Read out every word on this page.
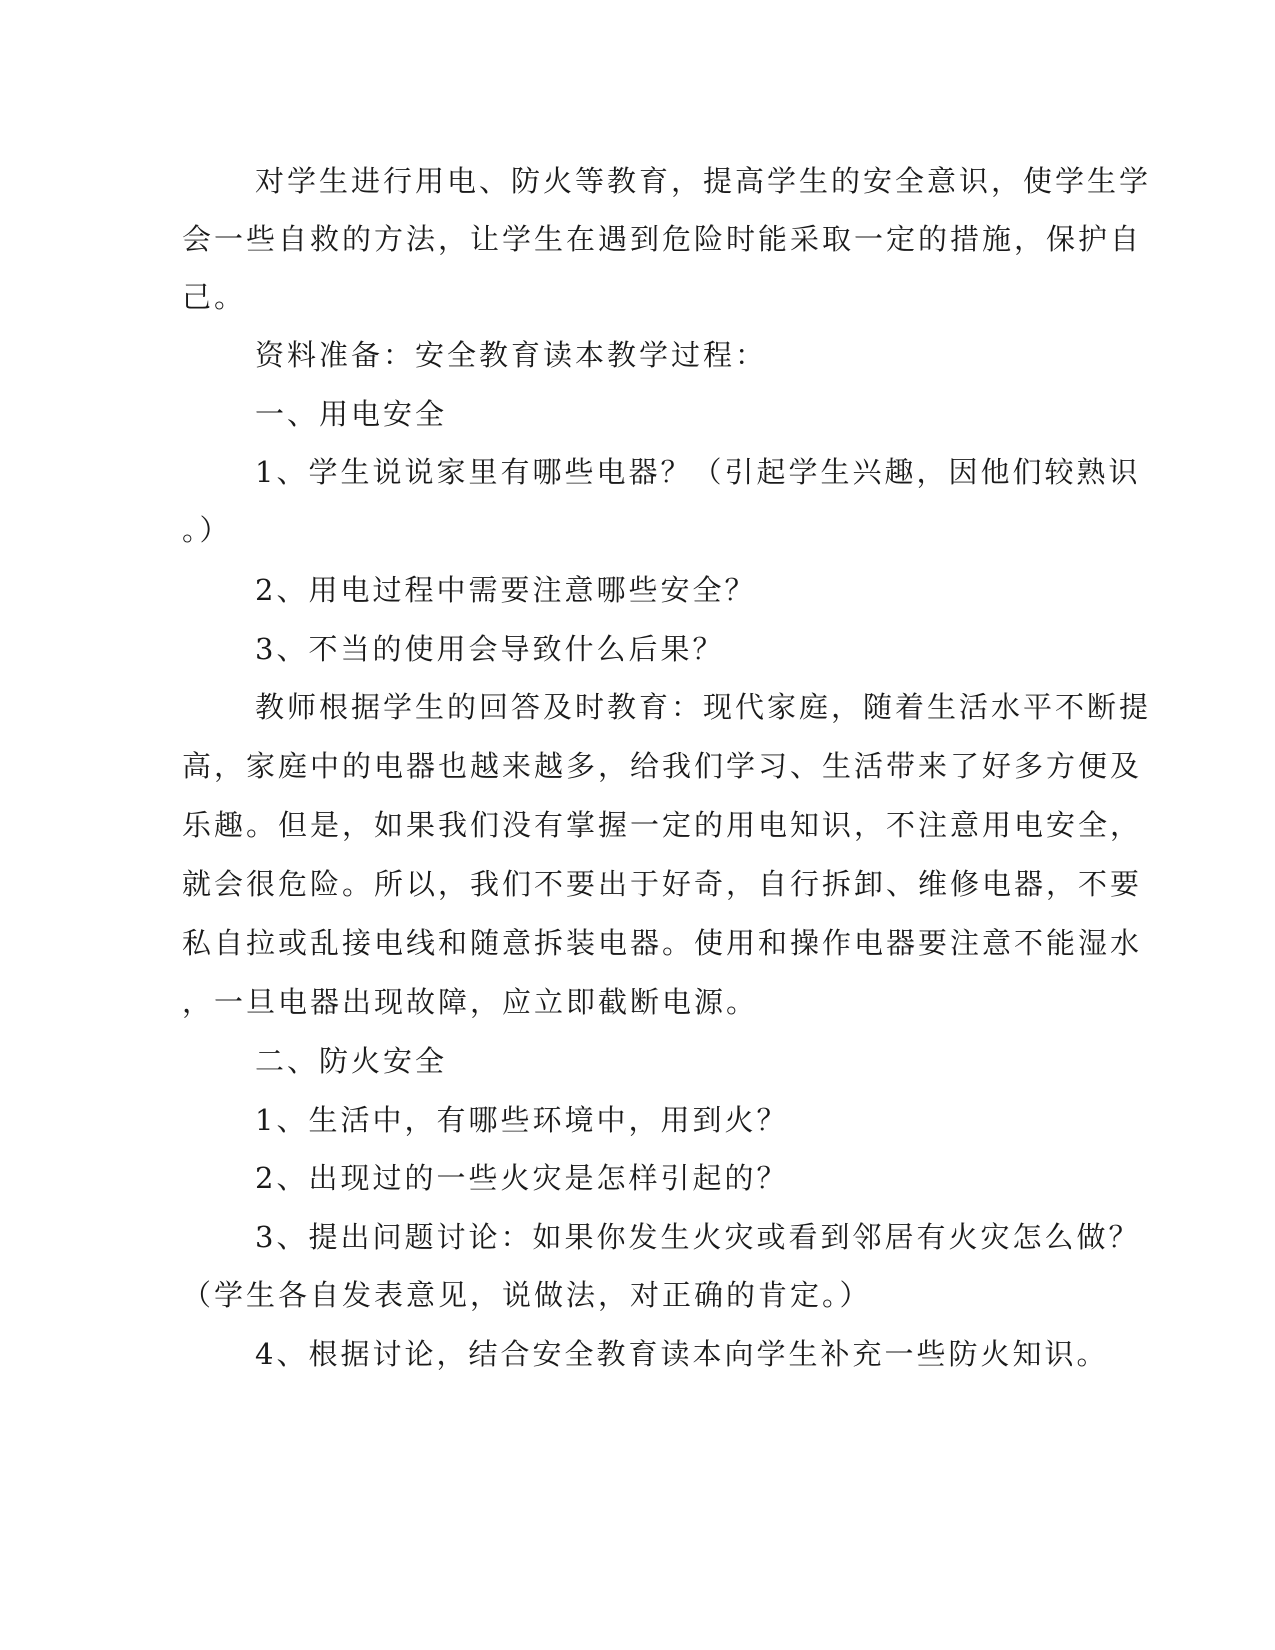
对学生进行用电、防火等教育，提高学生的安全意识，使学生学
会一些自救的方法，让学生在遇到危险时能采取一定的措施，保护自
己。
资料准备：安全教育读本教学过程：
一、用电安全
1、学生说说家里有哪些电器？（引起学生兴趣，因他们较熟识
。）
2、用电过程中需要注意哪些安全？
3、不当的使用会导致什么后果？
教师根据学生的回答及时教育：现代家庭，随着生活水平不断提
高，家庭中的电器也越来越多，给我们学习、生活带来了好多方便及
乐趣。但是，如果我们没有掌握一定的用电知识，不注意用电安全，
就会很危险。所以，我们不要出于好奇，自行拆卸、维修电器，不要
私自拉或乱接电线和随意拆装电器。使用和操作电器要注意不能湿水
，一旦电器出现故障，应立即截断电源。
二、防火安全
1、生活中，有哪些环境中，用到火？
2、出现过的一些火灾是怎样引起的？
3、提出问题讨论：如果你发生火灾或看到邻居有火灾怎么做？
（学生各自发表意见，说做法，对正确的肯定。）
4、根据讨论，结合安全教育读本向学生补充一些防火知识。
